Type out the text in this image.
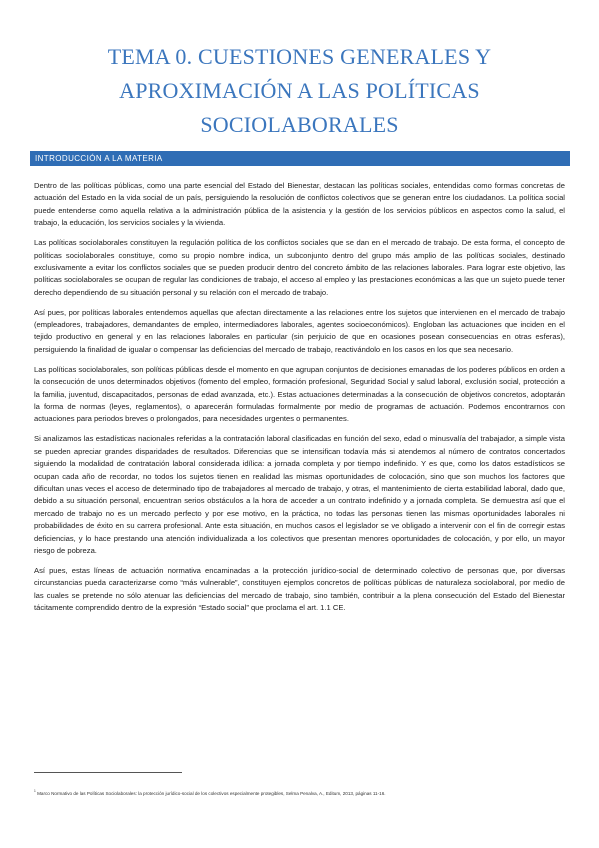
TEMA 0. CUESTIONES GENERALES Y
APROXIMACIÓN A LAS POLÍTICAS
SOCIOLABORALES
INTRODUCCIÓN A LA MATERIA

Dentro de las políticas públicas, como una parte esencial del Estado del Bienestar, destacan las políticas sociales, entendidas como formas concretas de actuación del Estado en la vida social de un país, persiguiendo la resolución de conflictos colectivos que se generan entre los ciudadanos. La política social puede entenderse como aquella relativa a la administración pública de la asistencia y la gestión de los servicios públicos en aspectos como la salud, el trabajo, la educación, los servicios sociales y la vivienda.

Las políticas sociolaborales constituyen la regulación política de los conflictos sociales que se dan en el mercado de trabajo. De esta forma, el concepto de políticas sociolaborales constituye, como su propio nombre indica, un subconjunto dentro del grupo más amplio de las políticas sociales, destinado exclusivamente a evitar los conflictos sociales que se pueden producir dentro del concreto ámbito de las relaciones laborales. Para lograr este objetivo, las políticas sociolaborales se ocupan de regular las condiciones de trabajo, el acceso al empleo y las prestaciones económicas a las que un sujeto puede tener derecho dependiendo de su situación personal y su relación con el mercado de trabajo.

Así pues, por políticas laborales entendemos aquellas que afectan directamente a las relaciones entre los sujetos que intervienen en el mercado de trabajo (empleadores, trabajadores, demandantes de empleo, intermediadores laborales, agentes socioeconómicos). Engloban las actuaciones que inciden en el tejido productivo en general y en las relaciones laborales en particular (sin perjuicio de que en ocasiones posean consecuencias en otras esferas), persiguiendo la finalidad de igualar o compensar las deficiencias del mercado de trabajo, reactivándolo en los casos en los que sea necesario.

Las políticas sociolaborales, son políticas públicas desde el momento en que agrupan conjuntos de decisiones emanadas de los poderes públicos en orden a la consecución de unos determinados objetivos (fomento del empleo, formación profesional, Seguridad Social y salud laboral, exclusión social, protección a la familia, juventud, discapacitados, personas de edad avanzada, etc.). Estas actuaciones determinadas a la consecución de objetivos concretos, adoptarán la forma de normas (leyes, reglamentos), o aparecerán formuladas formalmente por medio de programas de actuación. Podemos encontrarnos con actuaciones para periodos breves o prolongados, para necesidades urgentes o permanentes.

Si analizamos las estadísticas nacionales referidas a la contratación laboral clasificadas en función del sexo, edad o minusvalía del trabajador, a simple vista se pueden apreciar grandes disparidades de resultados. Diferencias que se intensifican todavía más si atendemos al número de contratos concertados siguiendo la modalidad de contratación laboral considerada idílica: a jornada completa y por tiempo indefinido. Y es que, como los datos estadísticos se ocupan cada año de recordar, no todos los sujetos tienen en realidad las mismas oportunidades de colocación, sino que son muchos los factores que dificultan unas veces el acceso de determinado tipo de trabajadores al mercado de trabajo, y otras, el mantenimiento de cierta estabilidad laboral, dado que, debido a su situación personal, encuentran serios obstáculos a la hora de acceder a un contrato indefinido y a jornada completa. Se demuestra así que el mercado de trabajo no es un mercado perfecto y por ese motivo, en la práctica, no todas las personas tienen las mismas oportunidades laborales ni probabilidades de éxito en su carrera profesional. Ante esta situación, en muchos casos el legislador se ve obligado a intervenir con el fin de corregir estas deficiencias, y lo hace prestando una atención individualizada a los colectivos que presentan menores oportunidades de colocación, y por ello, un mayor riesgo de pobreza.

Así pues, estas líneas de actuación normativa encaminadas a la protección jurídico-social de determinado colectivo de personas que, por diversas circunstancias pueda caracterizarse como “más vulnerable”, constituyen ejemplos concretos de políticas públicas de naturaleza sociolaboral, por medio de las cuales se pretende no sólo atenuar las deficiencias del mercado de trabajo, sino también, contribuir a la plena consecución del Estado del Bienestar tácitamente comprendido dentro de la expresión “Estado social” que proclama el art. 1.1 CE.

$^1$ Marco Normativo de las Políticas Sociolaborales: la protección jurídico-social de los colectivos especialmente protegibles, Selma Penalva, A., Editum, 2013, páginas 11-16.
